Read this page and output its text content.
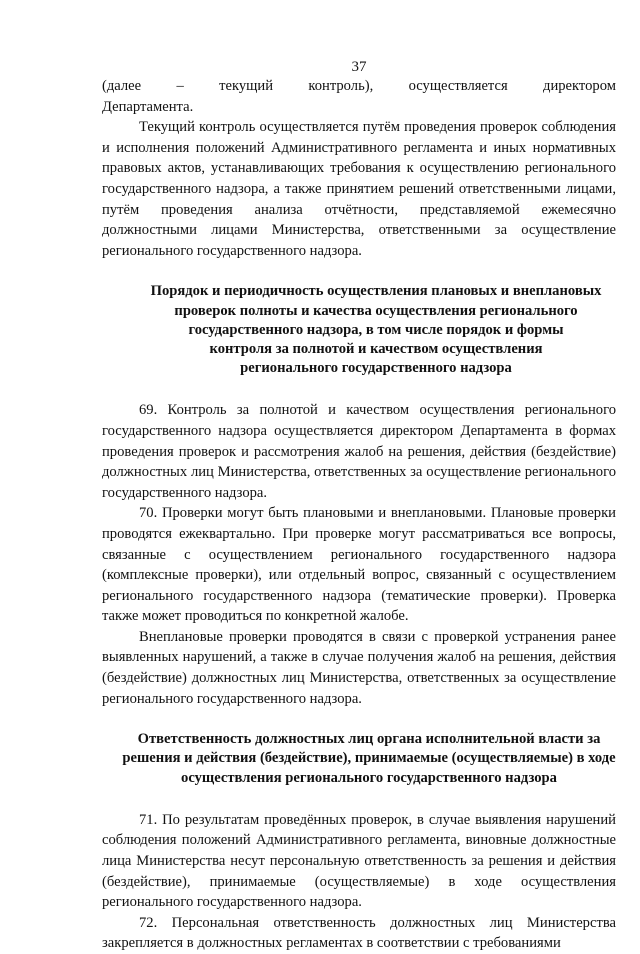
37
(далее – текущий контроль), осуществляется директором

Департамента.

Текущий контроль осуществляется путём проведения проверок соблюдения и исполнения положений Административного регламента и иных нормативных правовых актов, устанавливающих требования к осуществлению регионального государственного надзора, а также принятием решений ответственными лицами, путём проведения анализа отчётности, представляемой ежемесячно должностными лицами Министерства, ответственными за осуществление регионального государственного надзора.

Порядок и периодичность осуществления плановых и внеплановых
проверок полноты и качества осуществления регионального
государственного надзора, в том числе порядок и формы
контроля за полнотой и качеством осуществления
регионального государственного надзора

69. Контроль за полнотой и качеством осуществления регионального государственного надзора осуществляется директором Департамента в формах проведения проверок и рассмотрения жалоб на решения, действия (бездействие) должностных лиц Министерства, ответственных за осуществление регионального государственного надзора.

70. Проверки могут быть плановыми и внеплановыми. Плановые проверки проводятся ежеквартально. При проверке могут рассматриваться все вопросы, связанные с осуществлением регионального государственного надзора (комплексные проверки), или отдельный вопрос, связанный с осуществлением регионального государственного надзора (тематические проверки). Проверка также может проводиться по конкретной жалобе.

Внеплановые проверки проводятся в связи с проверкой устранения ранее выявленных нарушений, а также в случае получения жалоб на решения, действия (бездействие) должностных лиц Министерства, ответственных за осуществление регионального государственного надзора.

Ответственность должностных лиц органа исполнительной власти за
решения и действия (бездействие), принимаемые (осуществляемые) в ходе
осуществления регионального государственного надзора

71. По результатам проведённых проверок, в случае выявления нарушений соблюдения положений Административного регламента, виновные должностные лица Министерства несут персональную ответственность за решения и действия (бездействие), принимаемые (осуществляемые) в ходе осуществления регионального государственного надзора.

72. Персональная ответственность должностных лиц Министерства закрепляется в должностных регламентах в соответствии с требованиями
